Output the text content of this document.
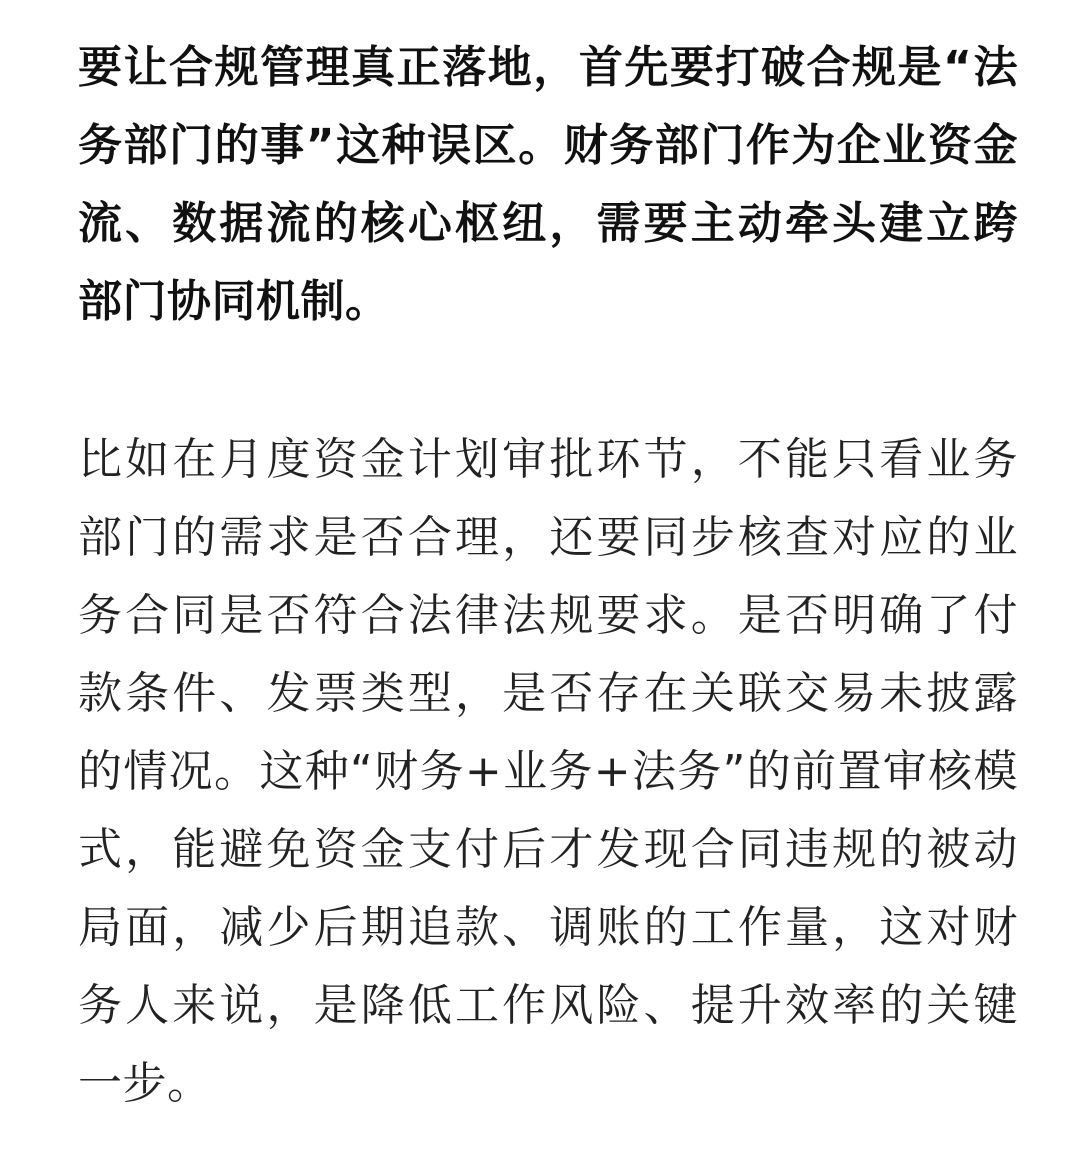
要让合规管理真正落地，首先要打破合规是“法
务部门的事”这种误区。财务部门作为企业资金
流、数据流的核心枢纽，需要主动牵头建立跨
部门协同机制。
比如在月度资金计划审批环节，不能只看业务
部门的需求是否合理，还要同步核查对应的业
务合同是否符合法律法规要求。是否明确了付
款条件、发票类型，是否存在关联交易未披露
的情况。这种“财务+业务+法务”的前置审核模
式，能避免资金支付后才发现合同违规的被动
局面，减少后期追款、调账的工作量，这对财
务人来说，是降低工作风险、提升效率的关键
一步。
